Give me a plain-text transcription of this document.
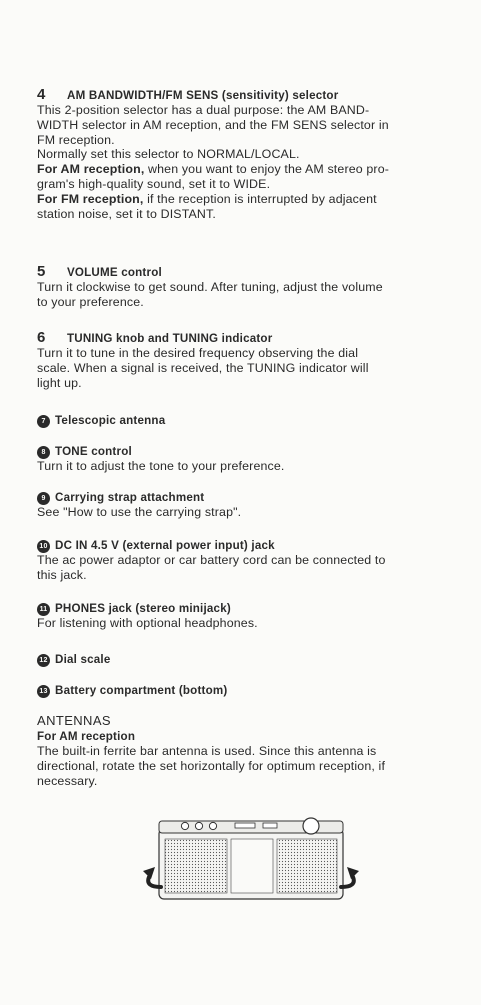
4 AM BANDWIDTH/FM SENS (sensitivity) selector

This 2-position selector has a dual purpose: the AM BAND-

WIDTH selector in AM reception, and the FM SENS selector in

FM reception.

Normally set this selector to NORMAL/LOCAL.

For AM reception, when you want to enjoy the AM stereo pro-

gram's high-quality sound, set it to WIDE.

For FM reception, if the reception is interrupted by adjacent

station noise, set it to DISTANT.

5 VOLUME control

Turn it clockwise to get sound. After tuning, adjust the volume

to your preference.

6 TUNING knob and TUNING indicator

Turn it to tune in the desired frequency observing the dial

scale. When a signal is received, the TUNING indicator will

light up.

7 Telescopic antenna

8 TONE control

Turn it to adjust the tone to your preference.

9 Carrying strap attachment

See "How to use the carrying strap".

10 DC IN 4.5 V (external power input) jack

The ac power adaptor or car battery cord can be connected to

this jack.

11 PHONES jack (stereo minijack)

For listening with optional headphones.

12 Dial scale

13 Battery compartment (bottom)

ANTENNAS

For AM reception

The built-in ferrite bar antenna is used. Since this antenna is

directional, rotate the set horizontally for optimum reception, if

necessary.
